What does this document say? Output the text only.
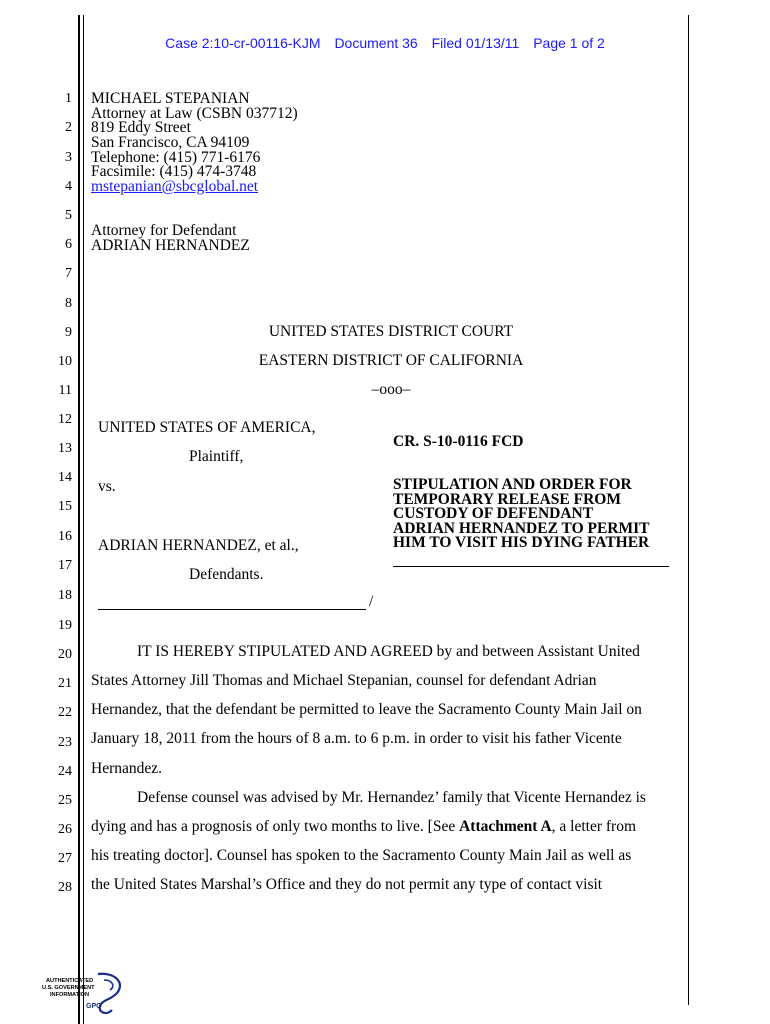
Case 2:10-cr-00116-KJM Document 36 Filed 01/13/11 Page 1 of 2
1
2
3
4
5
6
7
8
9
10
11
12
13
14
15
16
17
18
19
20
21
22
23
24
25
26
27
28
MICHAEL STEPANIAN
Attorney at Law (CSBN 037712)
819 Eddy Street
San Francisco, CA 94109
Telephone: (415) 771-6176
Facsimile: (415) 474-3748
mstepanian@sbcglobal.net
Attorney for Defendant
ADRIAN HERNANDEZ
UNITED STATES DISTRICT COURT
EASTERN DISTRICT OF CALIFORNIA
–ooo–
UNITED STATES OF AMERICA,
Plaintiff,
vs.
ADRIAN HERNANDEZ, et al.,
Defendants.
/
CR. S-10-0116 FCD
STIPULATION AND ORDER FOR
TEMPORARY RELEASE FROM
CUSTODY OF DEFENDANT
ADRIAN HERNANDEZ TO PERMIT
HIM TO VISIT HIS DYING FATHER
IT IS HEREBY STIPULATED AND AGREED by and between Assistant United
States Attorney Jill Thomas and Michael Stepanian, counsel for defendant Adrian
Hernandez, that the defendant be permitted to leave the Sacramento County Main Jail on
January 18, 2011 from the hours of 8 a.m. to 6 p.m. in order to visit his father Vicente
Hernandez.
Defense counsel was advised by Mr. Hernandez’ family that Vicente Hernandez is
dying and has a prognosis of only two months to live. [See Attachment A, a letter from
his treating doctor]. Counsel has spoken to the Sacramento County Main Jail as well as
the United States Marshal’s Office and they do not permit any type of contact visit
AUTHENTICATED
U.S. GOVERNMENT
INFORMATION
GPO
